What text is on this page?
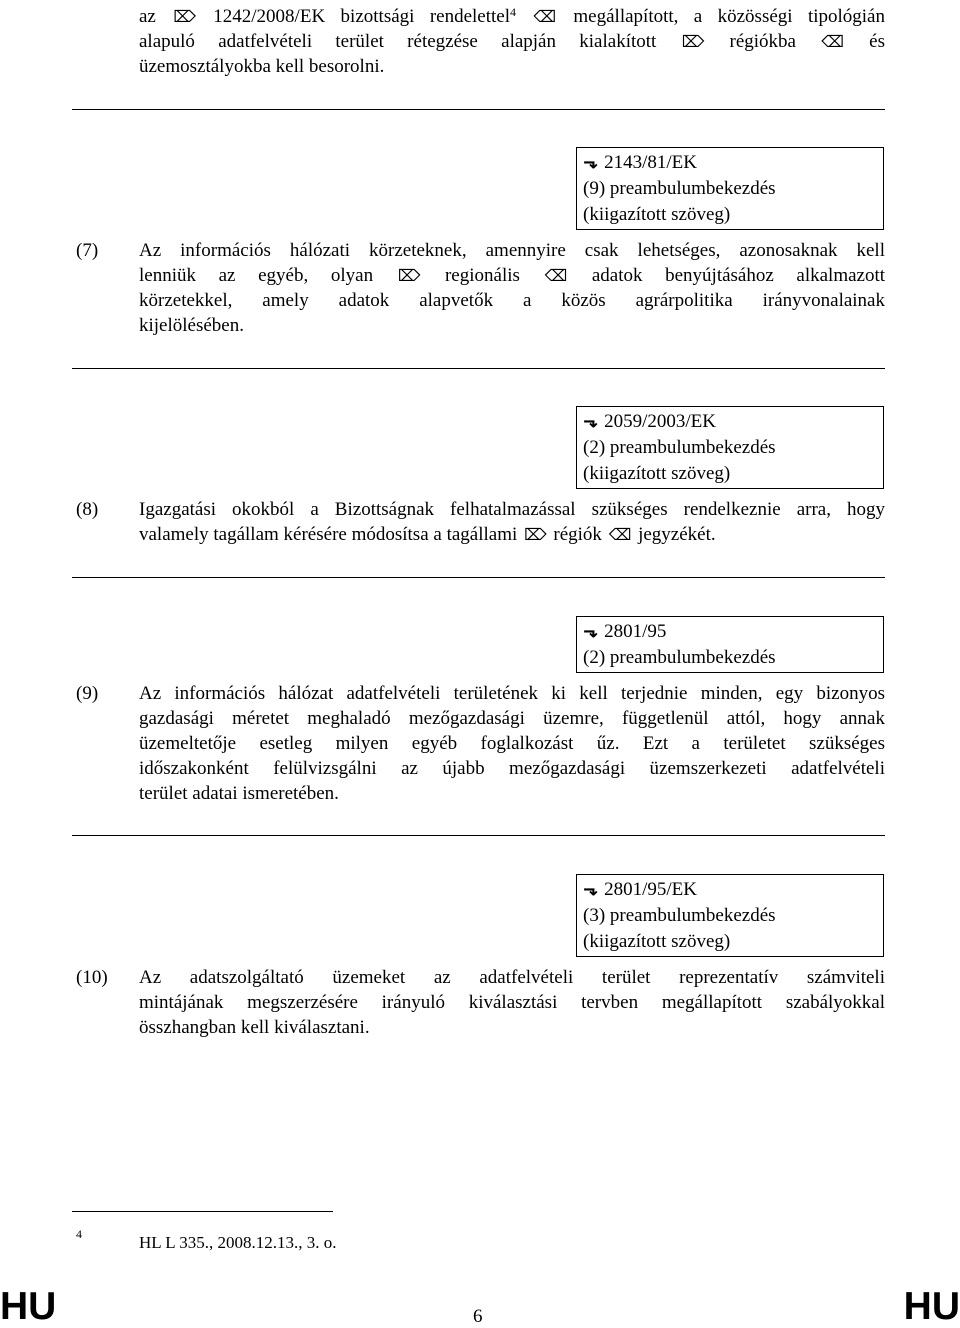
az ⌦ 1242/2008/EK bizottsági rendelettel$^4$ ⌫ megállapított, a közösségi tipológián
alapuló adatfelvételi terület rétegzése alapján kialakított ⌦ régiókba ⌫ és
üzemosztályokba kell besorolni.
⬎ 2143/81/EK
(9) preambulumbekezdés
(kiigazított szöveg)
(7) Az információs hálózati körzeteknek, amennyire csak lehetséges, azonosaknak kell
lenniük az egyéb, olyan ⌦ regionális ⌫ adatok benyújtásához alkalmazott
körzetekkel, amely adatok alapvetők a közös agrárpolitika irányvonalainak
kijelölésében.
⬎ 2059/2003/EK
(2) preambulumbekezdés
(kiigazított szöveg)
(8) Igazgatási okokból a Bizottságnak felhatalmazással szükséges rendelkeznie arra, hogy
valamely tagállam kérésére módosítsa a tagállami ⌦ régiók ⌫ jegyzékét.
⬎ 2801/95
(2) preambulumbekezdés
(9) Az információs hálózat adatfelvételi területének ki kell terjednie minden, egy bizonyos
gazdasági méretet meghaladó mezőgazdasági üzemre, függetlenül attól, hogy annak
üzemeltetője esetleg milyen egyéb foglalkozást űz. Ezt a területet szükséges
időszakonként felülvizsgálni az újabb mezőgazdasági üzemszerkezeti adatfelvételi
terület adatai ismeretében.
⬎ 2801/95/EK
(3) preambulumbekezdés
(kiigazított szöveg)
(10) Az adatszolgáltató üzemeket az adatfelvételi terület reprezentatív számviteli
mintájának megszerzésére irányuló kiválasztási tervben megállapított szabályokkal
összhangban kell kiválasztani.
4	HL L 335., 2008.12.13., 3. o.
HU	6	HU
